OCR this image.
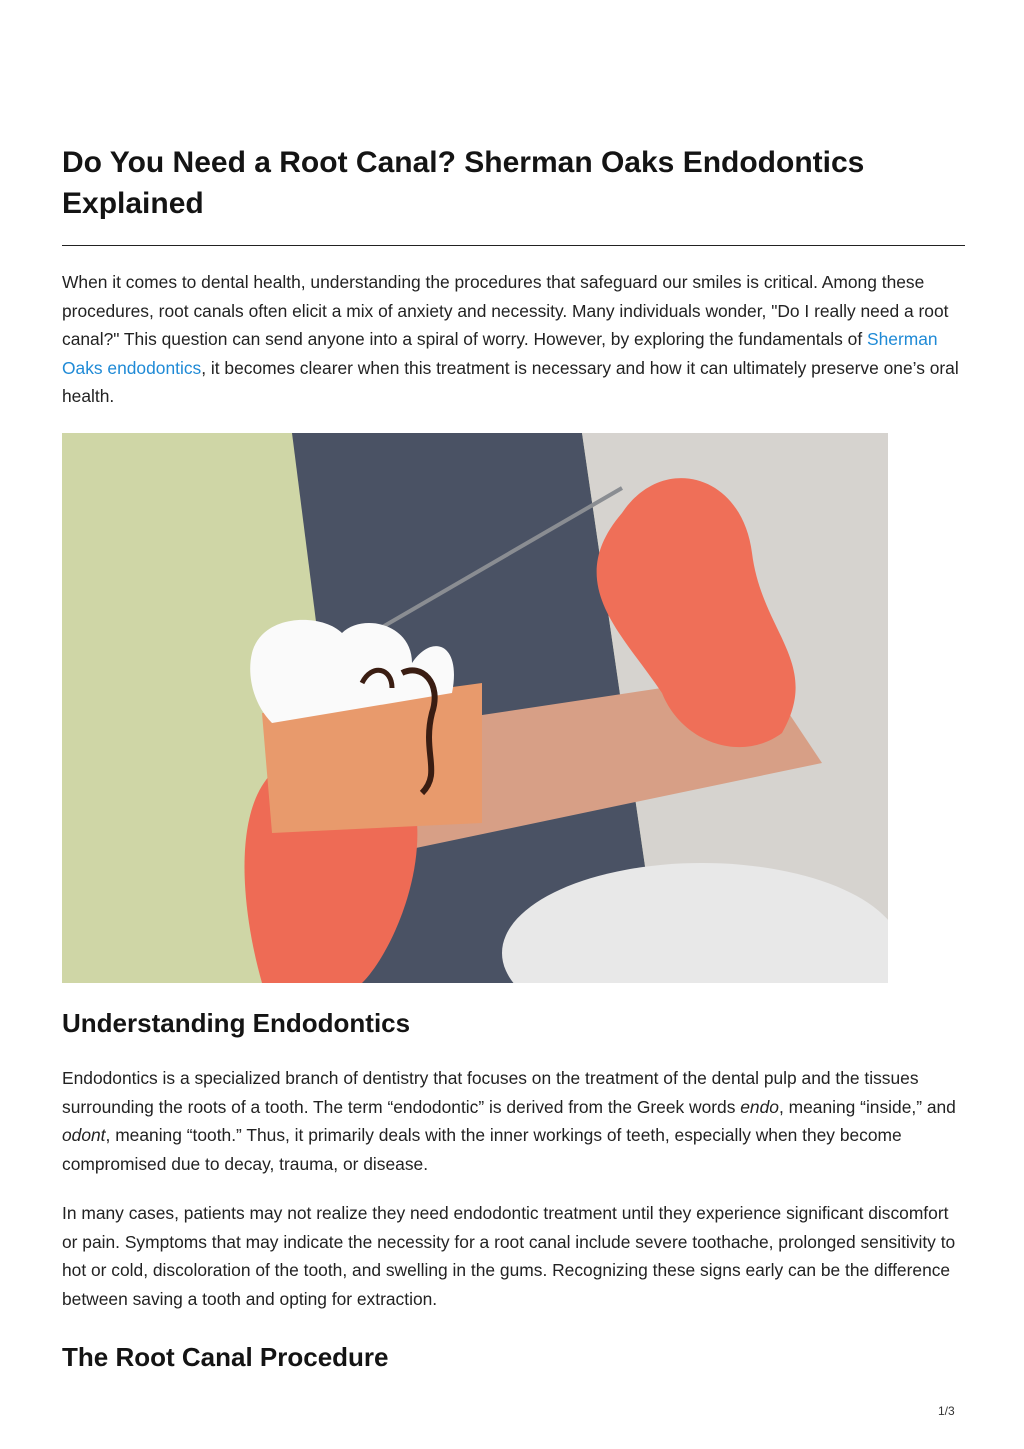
Do You Need a Root Canal? Sherman Oaks Endodontics Explained

When it comes to dental health, understanding the procedures that safeguard our smiles is critical. Among these procedures, root canals often elicit a mix of anxiety and necessity. Many individuals wonder, "Do I really need a root canal?" This question can send anyone into a spiral of worry. However, by exploring the fundamentals of Sherman Oaks endodontics, it becomes clearer when this treatment is necessary and how it can ultimately preserve one’s oral health.

Understanding Endodontics

Endodontics is a specialized branch of dentistry that focuses on the treatment of the dental pulp and the tissues surrounding the roots of a tooth. The term “endodontic” is derived from the Greek words endo, meaning “inside,” and odont, meaning “tooth.” Thus, it primarily deals with the inner workings of teeth, especially when they become compromised due to decay, trauma, or disease.

In many cases, patients may not realize they need endodontic treatment until they experience significant discomfort or pain. Symptoms that may indicate the necessity for a root canal include severe toothache, prolonged sensitivity to hot or cold, discoloration of the tooth, and swelling in the gums. Recognizing these signs early can be the difference between saving a tooth and opting for extraction.

The Root Canal Procedure
1/3
